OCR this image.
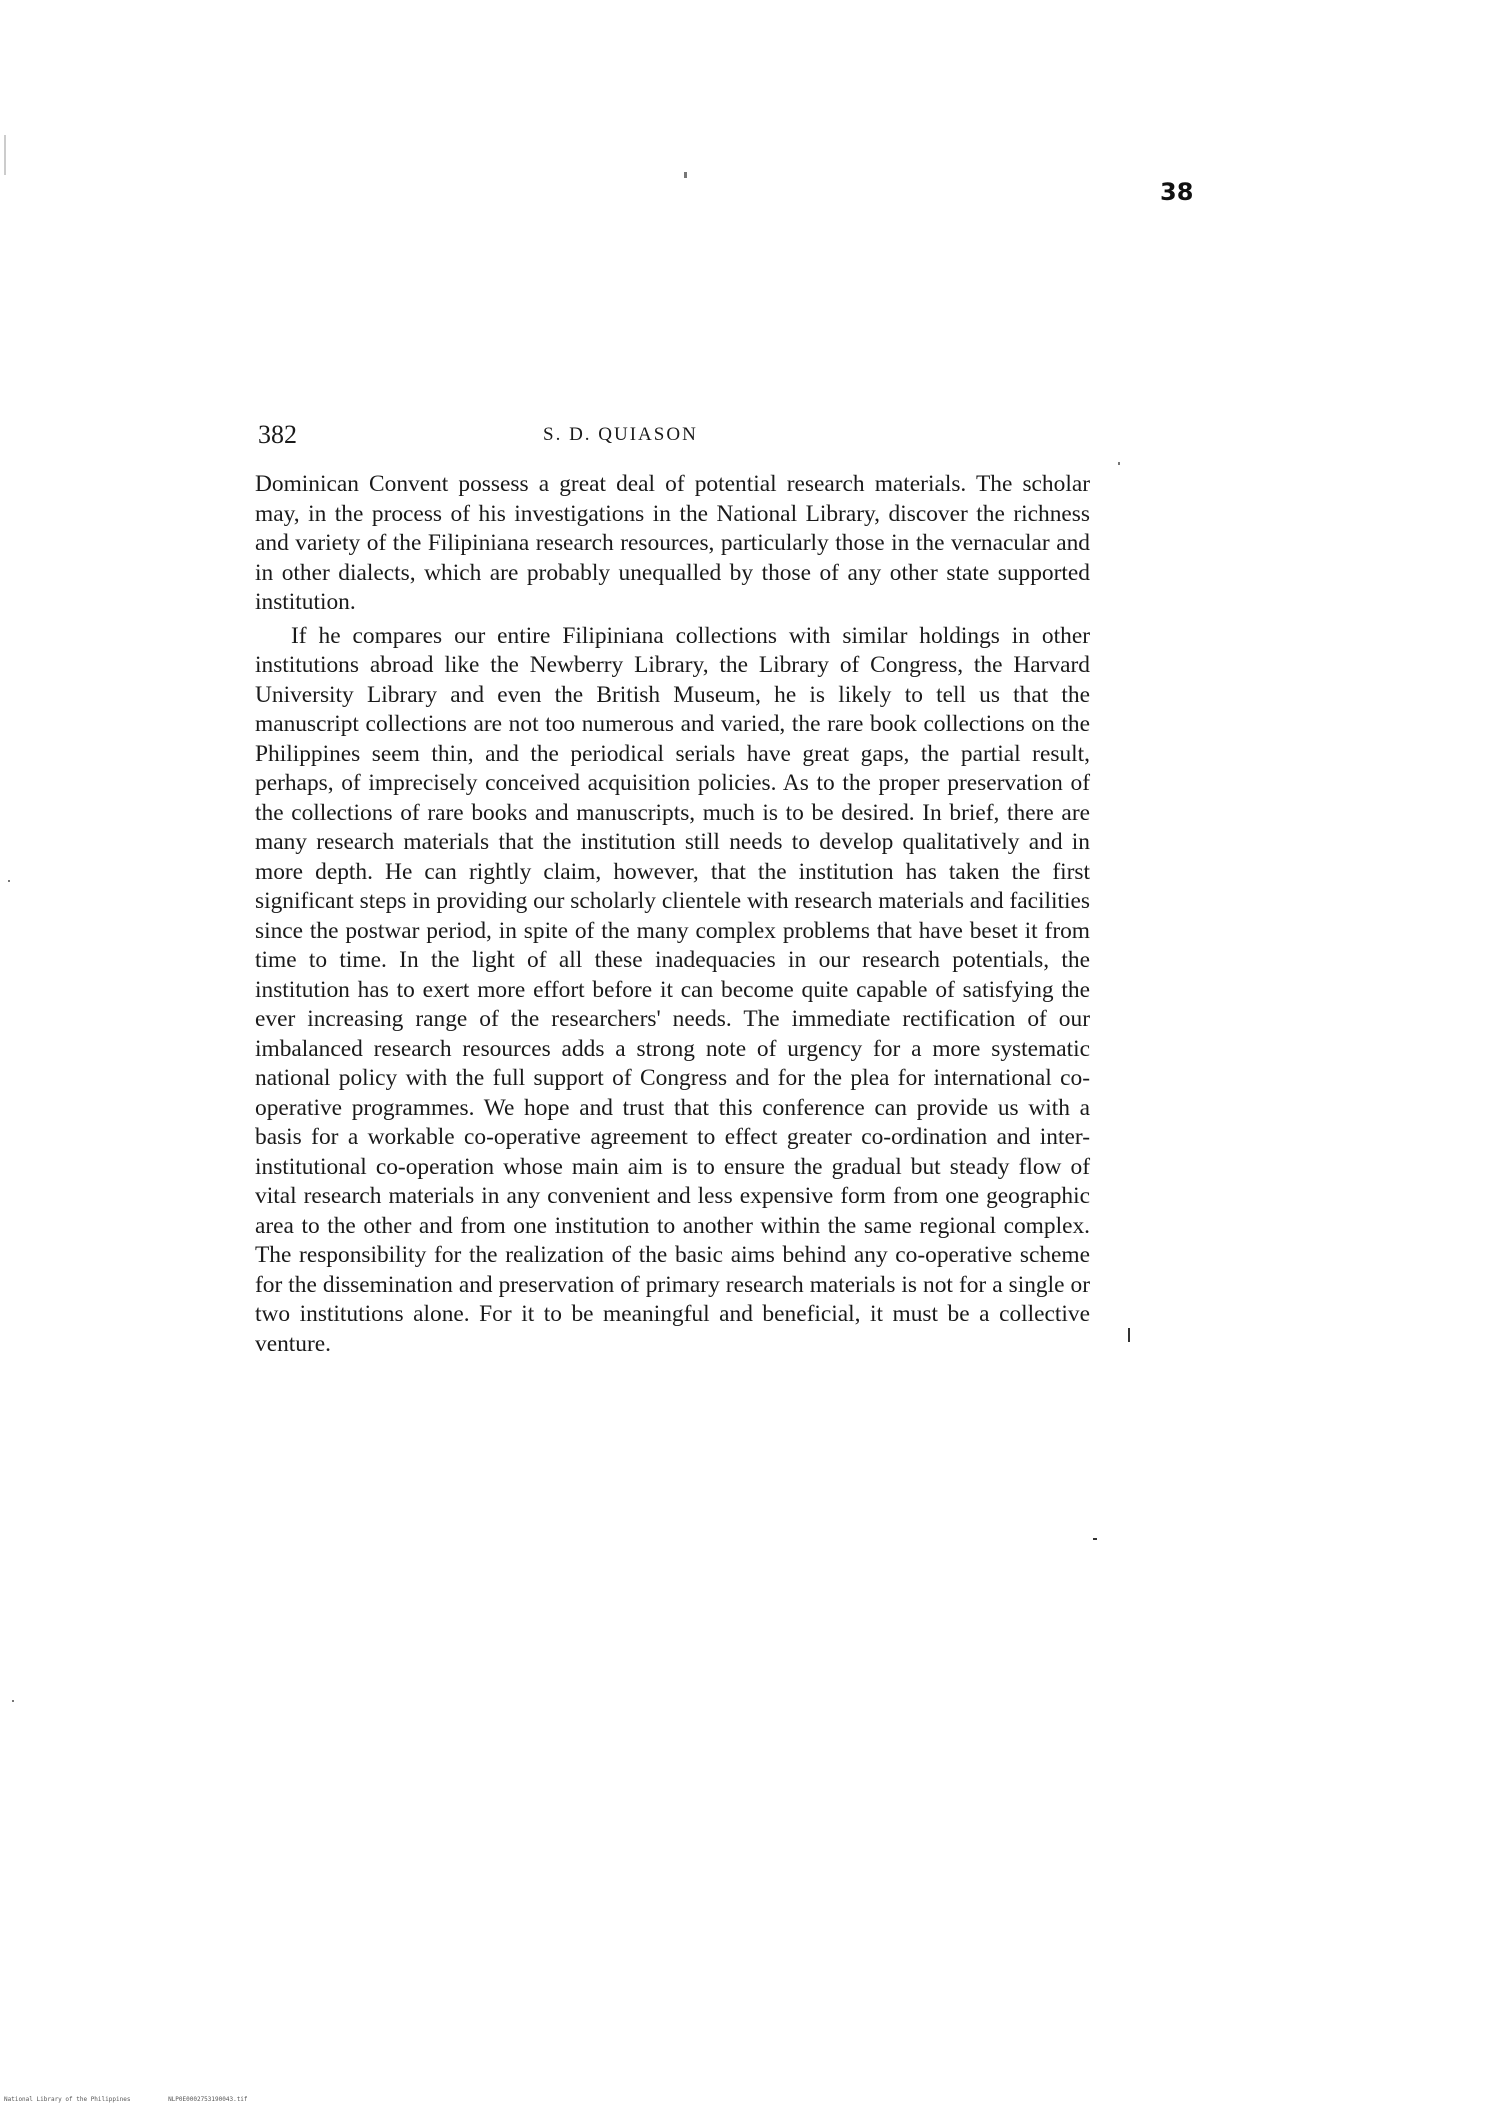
38
382	S. D. QUIASON

Dominican Convent possess a great deal of potential research materials. The scholar may, in the process of his investigations in the National Library, discover the richness and variety of the Filipiniana research resources, particularly those in the vernacular and in other dialects, which are probably unequalled by those of any other state supported institution.

If he compares our entire Filipiniana collections with similar holdings in other institutions abroad like the Newberry Library, the Library of Congress, the Harvard University Library and even the British Museum, he is likely to tell us that the manuscript collections are not too numerous and varied, the rare book collections on the Philippines seem thin, and the periodical serials have great gaps, the partial result, perhaps, of imprecisely conceived acquisition policies. As to the proper preservation of the collections of rare books and manuscripts, much is to be desired. In brief, there are many research materials that the institution still needs to develop qualitatively and in more depth. He can rightly claim, however, that the institution has taken the first significant steps in providing our scholarly clientele with research materials and facilities since the postwar period, in spite of the many complex problems that have beset it from time to time. In the light of all these inadequacies in our research potentials, the institution has to exert more effort before it can become quite capable of satisfying the ever increasing range of the researchers' needs. The immediate rectification of our imbalanced research resources adds a strong note of urgency for a more systematic national policy with the full support of Congress and for the plea for international co-operative programmes. We hope and trust that this conference can provide us with a basis for a workable co-operative agreement to effect greater co-ordination and inter-institutional co-operation whose main aim is to ensure the gradual but steady flow of vital research materials in any convenient and less expensive form from one geographic area to the other and from one institution to another within the same regional complex. The responsibility for the realization of the basic aims behind any co-operative scheme for the dissemination and preservation of primary research materials is not for a single or two institutions alone. For it to be meaningful and beneficial, it must be a collective venture.

National Library of the Philippines	NLP0E0002753190043.tif
